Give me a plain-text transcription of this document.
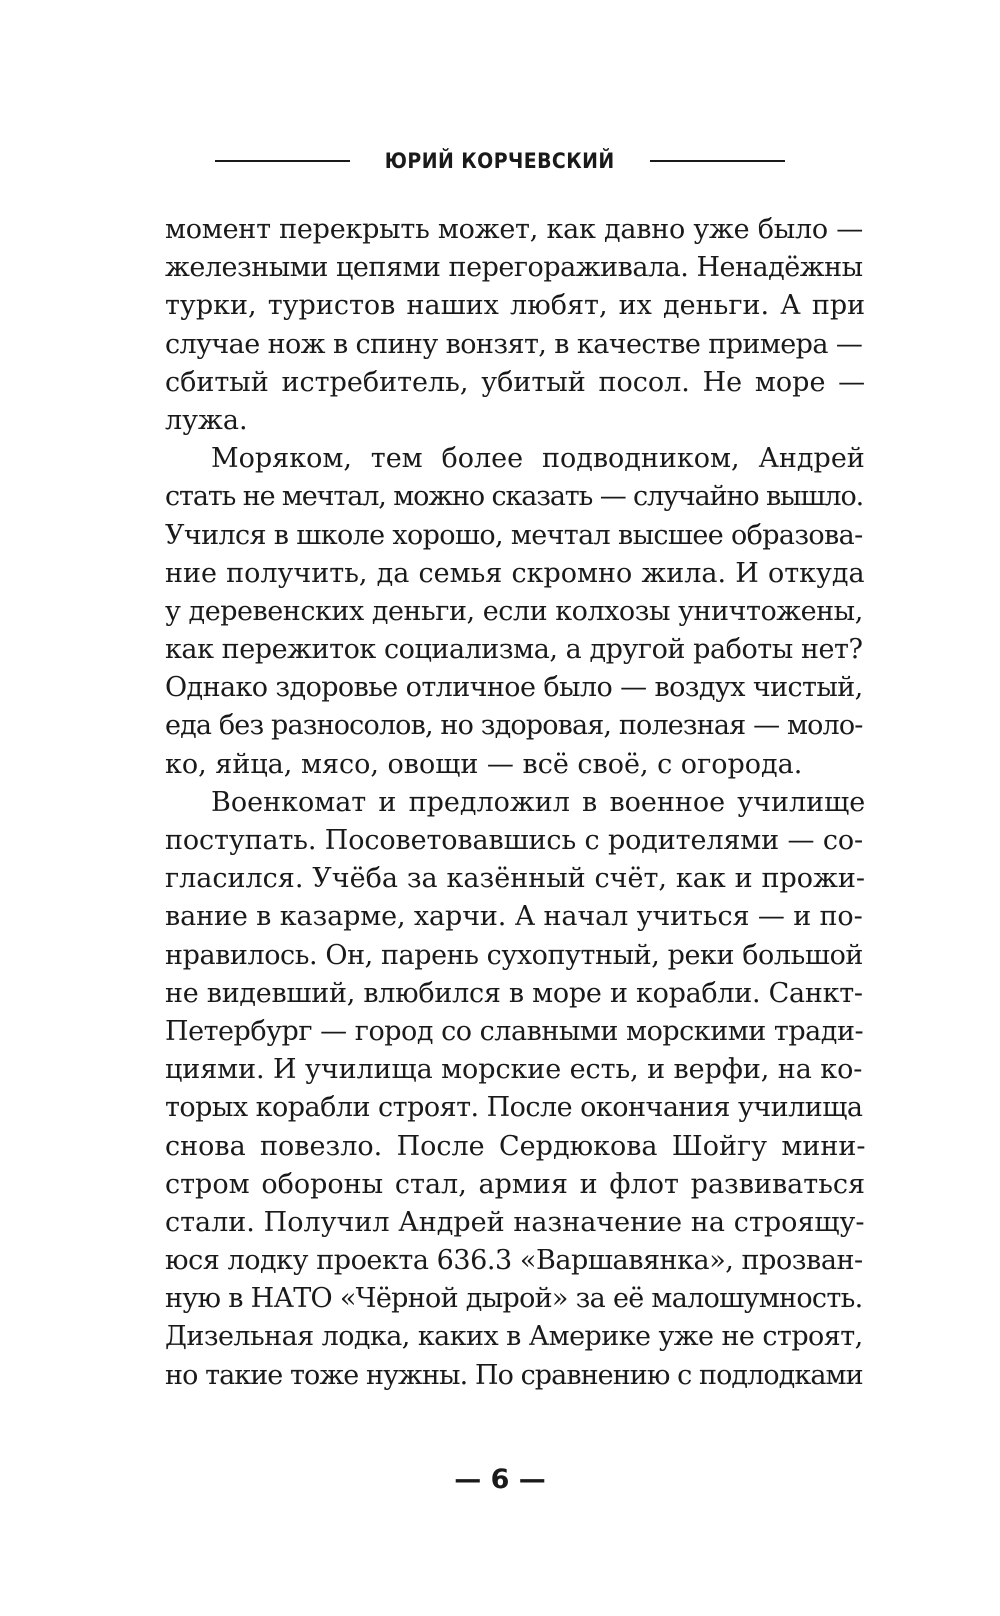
ЮРИЙ КОРЧЕВСКИЙ
момент перекрыть может, как давно уже было —
железными цепями перегораживала. Ненадёжны
турки, туристов наших любят, их деньги. А при
случае нож в спину вонзят, в качестве примера —
сбитый истребитель, убитый посол. Не море —
лужа.
Моряком, тем более подводником, Андрей
стать не мечтал, можно сказать — случайно вышло.
Учился в школе хорошо, мечтал высшее образова-
ние получить, да семья скромно жила. И откуда
у деревенских деньги, если колхозы уничтожены,
как пережиток социализма, а другой работы нет?
Однако здоровье отличное было — воздух чистый,
еда без разносолов, но здоровая, полезная — моло-
ко, яйца, мясо, овощи — всё своё, с огорода.
Военкомат и предложил в военное училище
поступать. Посоветовавшись с родителями — со-
гласился. Учёба за казённый счёт, как и прожи-
вание в казарме, харчи. А начал учиться — и по-
нравилось. Он, парень сухопутный, реки большой
не видевший, влюбился в море и корабли. Санкт-
Петербург — город со славными морскими тради-
циями. И училища морские есть, и верфи, на ко-
торых корабли строят. После окончания училища
снова повезло. После Сердюкова Шойгу мини-
стром обороны стал, армия и флот развиваться
стали. Получил Андрей назначение на строящу-
юся лодку проекта 636.3 «Варшавянка», прозван-
ную в НАТО «Чёрной дырой» за её малошумность.
Дизельная лодка, каких в Америке уже не строят,
но такие тоже нужны. По сравнению с подлодками
— 6 —
